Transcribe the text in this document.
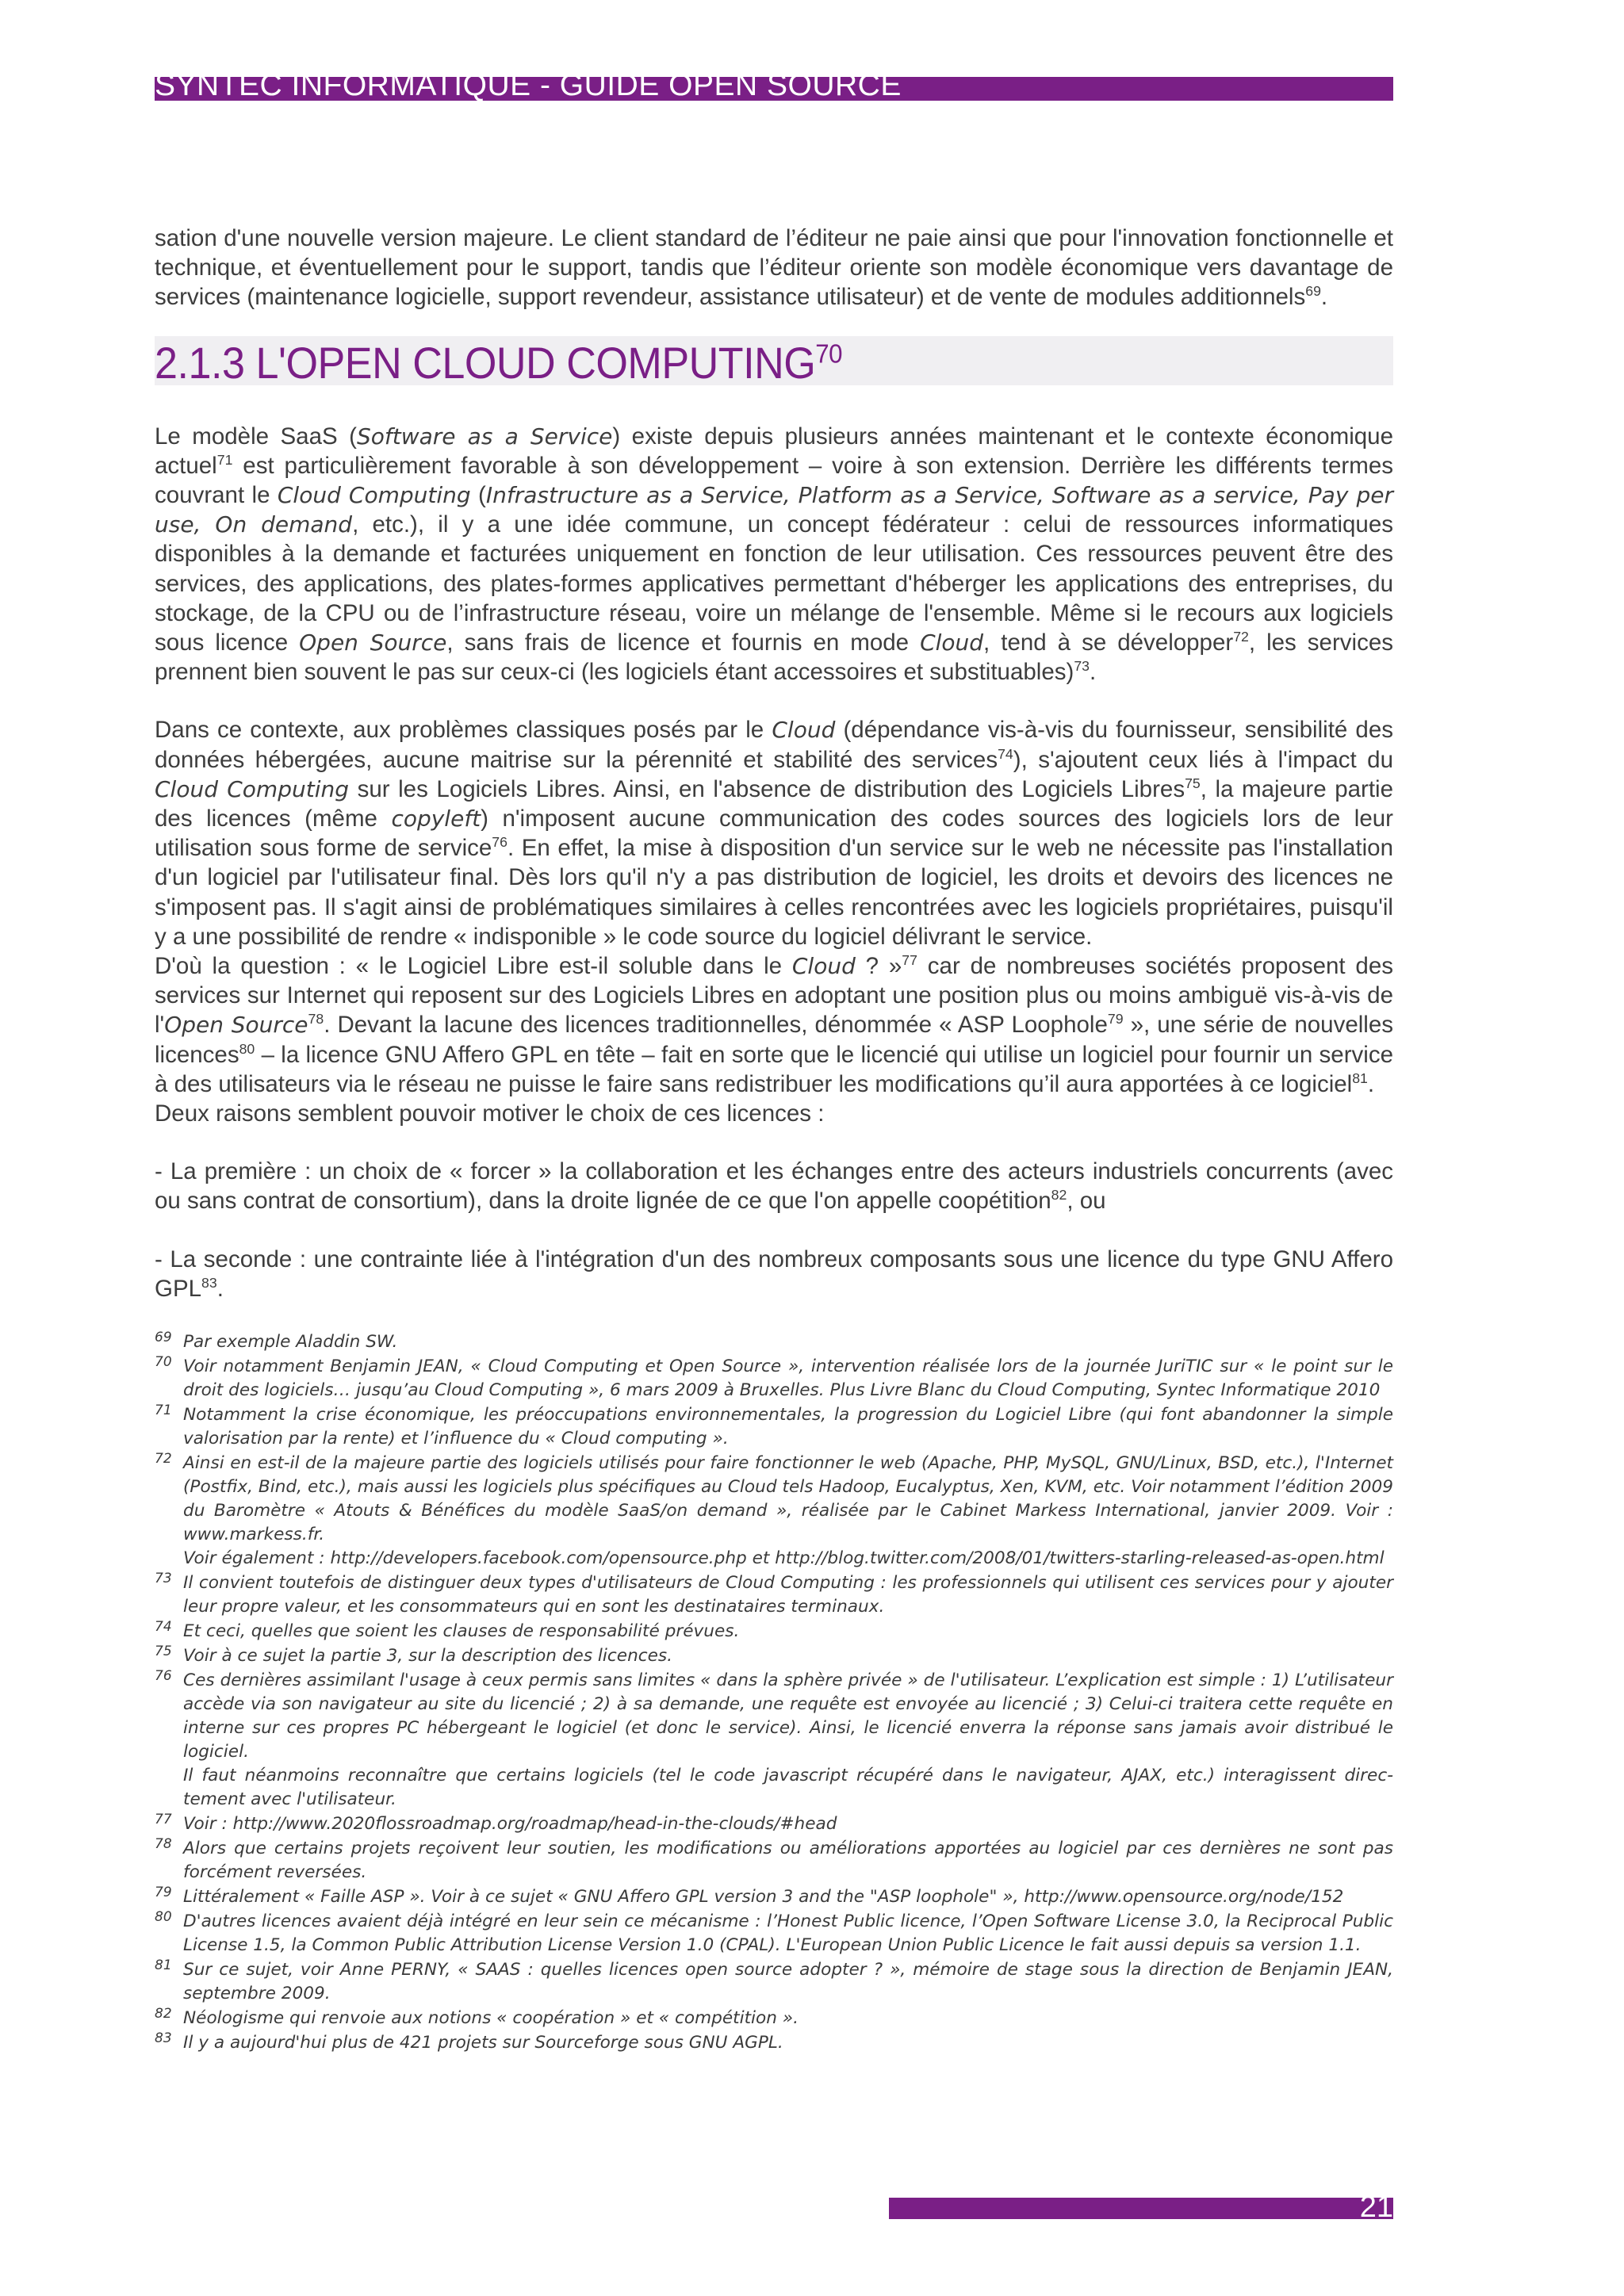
SYNTEC INFORMATIQUE - GUIDE OPEN SOURCE

sation d'une nouvelle version majeure. Le client standard de l’éditeur ne paie ainsi que pour l'innovation fonctionnelle et technique, et éventuellement pour le support, tandis que l’éditeur oriente son modèle économique vers davantage de services (maintenance logicielle, support revendeur, assistance utilisateur) et de vente de modules additionnels$^{69}$.

2.1.3 L'OPEN CLOUD COMPUTING$^{70}$

Le modèle SaaS (Software as a Service) existe depuis plusieurs années maintenant et le contexte économique actuel$^{71}$ est particulièrement favorable à son développement – voire à son extension. Derrière les différents termes couvrant le Cloud Computing (Infrastructure as a Service, Platform as a Service, Software as a service, Pay per use, On demand, etc.), il y a une idée commune, un concept fédérateur : celui de ressources informatiques disponibles à la demande et facturées uniquement en fonction de leur utilisation. Ces ressources peuvent être des services, des applications, des plates-formes applicatives permettant d'héberger les applications des entreprises, du stockage, de la CPU ou de l’infrastructure réseau, voire un mélange de l'ensemble. Même si le recours aux logiciels sous licence Open Source, sans frais de licence et fournis en mode Cloud, tend à se développer$^{72}$, les services prennent bien souvent le pas sur ceux-ci (les logiciels étant accessoires et substituables)$^{73}$.

Dans ce contexte, aux problèmes classiques posés par le Cloud (dépendance vis-à-vis du fournisseur, sensibilité des données hébergées, aucune maitrise sur la pérennité et stabilité des services$^{74}$), s'ajoutent ceux liés à l'impact du Cloud Computing sur les Logiciels Libres. Ainsi, en l'absence de distribution des Logiciels Libres$^{75}$, la majeure partie des licences (même copyleft) n'imposent aucune communication des codes sources des logiciels lors de leur utilisation sous forme de service$^{76}$. En effet, la mise à disposition d'un service sur le web ne nécessite pas l'installation d'un logiciel par l'utilisateur final. Dès lors qu'il n'y a pas distribution de logiciel, les droits et devoirs des licences ne s'imposent pas. Il s'agit ainsi de problématiques similaires à celles rencontrées avec les logiciels propriétaires, puisqu'il y a une possibilité de rendre « indisponible » le code source du logiciel délivrant le service.

D'où la question : « le Logiciel Libre est-il soluble dans le Cloud ? »$^{77}$ car de nombreuses sociétés proposent des services sur Internet qui reposent sur des Logiciels Libres en adoptant une position plus ou moins ambiguë vis-à-vis de l'Open Source$^{78}$. Devant la lacune des licences traditionnelles, dénommée « ASP Loophole$^{79}$ », une série de nouvelles licences$^{80}$ – la licence GNU Affero GPL en tête – fait en sorte que le licencié qui utilise un logiciel pour fournir un service à des utilisateurs via le réseau ne puisse le faire sans redistribuer les modifications qu’il aura apportées à ce logiciel$^{81}$.

Deux raisons semblent pouvoir motiver le choix de ces licences :

- La première : un choix de « forcer » la collaboration et les échanges entre des acteurs industriels concurrents (avec ou sans contrat de consortium), dans la droite lignée de ce que l'on appelle coopétition$^{82}$, ou

- La seconde : une contrainte liée à l'intégration d'un des nombreux composants sous une licence du type GNU Affero GPL$^{83}$.

69 Par exemple Aladdin SW.

70 Voir notamment Benjamin JEAN, « Cloud Computing et Open Source », intervention réalisée lors de la journée JuriTIC sur « le point sur le droit des logiciels… jusqu’au Cloud Computing », 6 mars 2009 à Bruxelles. Plus Livre Blanc du Cloud Computing, Syntec Informatique 2010

71 Notamment la crise économique, les préoccupations environnementales, la progression du Logiciel Libre (qui font abandonner la simple valorisation par la rente) et l’influence du « Cloud computing ».

72 Ainsi en est-il de la majeure partie des logiciels utilisés pour faire fonctionner le web (Apache, PHP, MySQL, GNU/Linux, BSD, etc.), l'Internet (Postfix, Bind, etc.), mais aussi les logiciels plus spécifiques au Cloud tels Hadoop, Eucalyptus, Xen, KVM, etc. Voir notamment l’édition 2009 du Baromètre « Atouts & Bénéfices du modèle SaaS/on demand », réalisée par le Cabinet Markess International, janvier 2009. Voir : www.markess.fr.
Voir également : http://developers.facebook.com/opensource.php et http://blog.twitter.com/2008/01/twitters-starling-released-as-open.html

73 Il convient toutefois de distinguer deux types d'utilisateurs de Cloud Computing : les professionnels qui utilisent ces services pour y ajouter leur propre valeur, et les consommateurs qui en sont les destinataires terminaux.

74 Et ceci, quelles que soient les clauses de responsabilité prévues.

75 Voir à ce sujet la partie 3, sur la description des licences.

76 Ces dernières assimilant l'usage à ceux permis sans limites « dans la sphère privée » de l'utilisateur. L’explication est simple : 1) L’utilisateur accède via son navigateur au site du licencié ; 2) à sa demande, une requête est envoyée au licencié ; 3) Celui-ci traitera cette requête en interne sur ces propres PC hébergeant le logiciel (et donc le service). Ainsi, le licencié enverra la réponse sans jamais avoir distribué le logiciel.
Il faut néanmoins reconnaître que certains logiciels (tel le code javascript récupéré dans le navigateur, AJAX, etc.) interagissent direc-tement avec l'utilisateur.

77 Voir : http://www.2020flossroadmap.org/roadmap/head-in-the-clouds/#head

78 Alors que certains projets reçoivent leur soutien, les modifications ou améliorations apportées au logiciel par ces dernières ne sont pas forcément reversées.

79 Littéralement « Faille ASP ». Voir à ce sujet « GNU Affero GPL version 3 and the "ASP loophole" », http://www.opensource.org/node/152

80 D'autres licences avaient déjà intégré en leur sein ce mécanisme : l’Honest Public licence, l’Open Software License 3.0, la Reciprocal Public License 1.5, la Common Public Attribution License Version 1.0 (CPAL). L'European Union Public Licence le fait aussi depuis sa version 1.1.

81 Sur ce sujet, voir Anne PERNY, « SAAS : quelles licences open source adopter ? », mémoire de stage sous la direction de Benjamin JEAN, septembre 2009.

82 Néologisme qui renvoie aux notions « coopération » et « compétition ».

83 Il y a aujourd'hui plus de 421 projets sur Sourceforge sous GNU AGPL.

21
